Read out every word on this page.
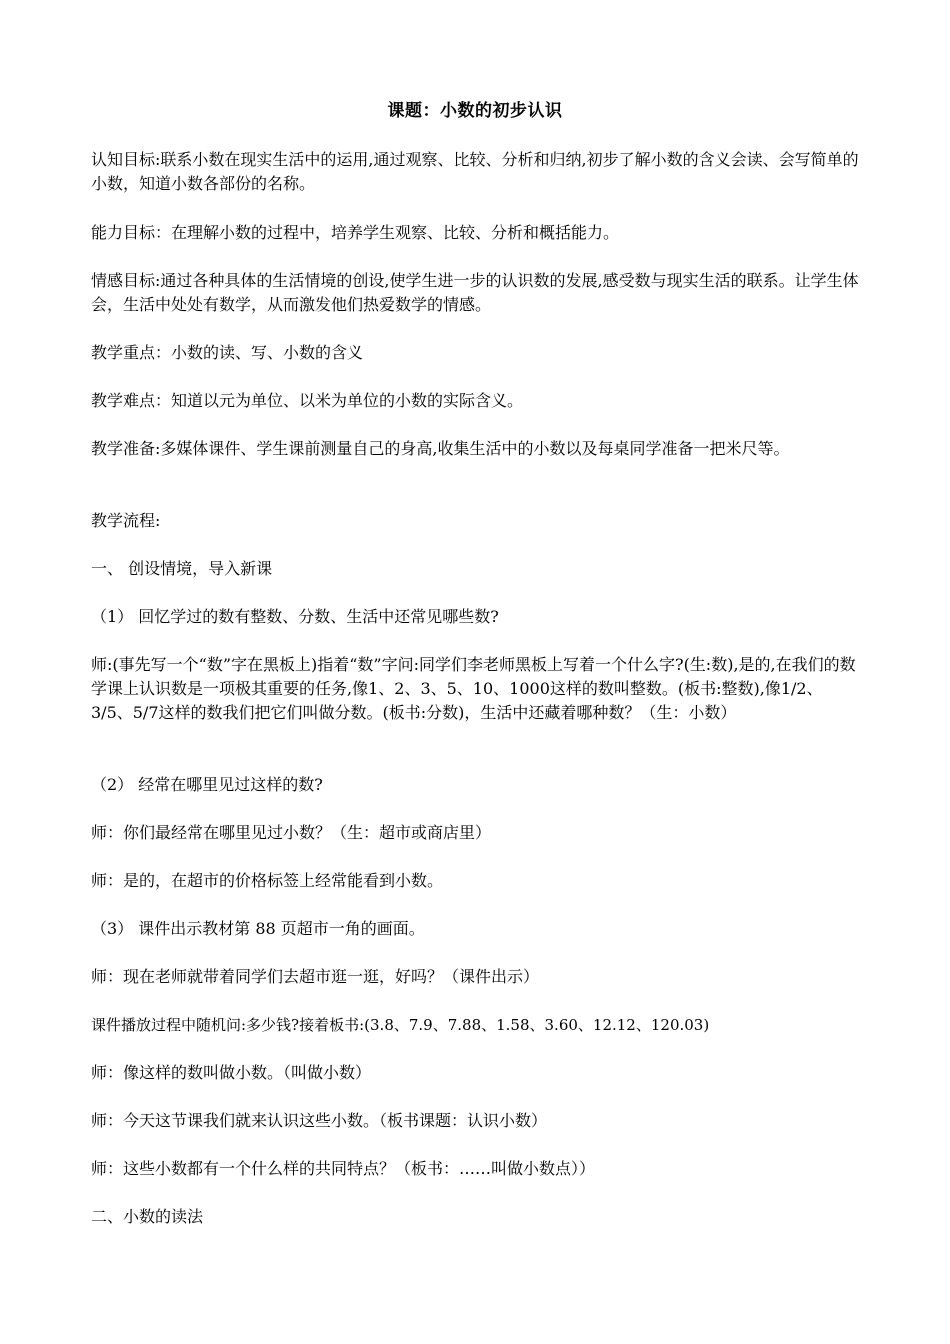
课题：小数的初步认识

认知目标:联系小数在现实生活中的运用,通过观察、比较、分析和归纳,初步了解小数的含义会读、会写简单的小数，知道小数各部份的名称。

能力目标：在理解小数的过程中，培养学生观察、比较、分析和概括能力。

情感目标:通过各种具体的生活情境的创设,使学生进一步的认识数的发展,感受数与现实生活的联系。让学生体会，生活中处处有数学，从而激发他们热爱数学的情感。

教学重点：小数的读、写、小数的含义

教学难点：知道以元为单位、以米为单位的小数的实际含义。

教学准备:多媒体课件、学生课前测量自己的身高,收集生活中的小数以及每桌同学准备一把米尺等。

教学流程:

一、 创设情境，导入新课

（1） 回忆学过的数有整数、分数、生活中还常见哪些数?

师:(事先写一个“数”字在黑板上)指着“数”字问:同学们李老师黑板上写着一个什么字?(生:数),是的,在我们的数学课上认识数是一项极其重要的任务,像1、2、3、5、10、1000这样的数叫整数。(板书:整数),像1/2、3/5、5/7这样的数我们把它们叫做分数。(板书:分数)，生活中还藏着哪种数？（生：小数）

（2） 经常在哪里见过这样的数?

师：你们最经常在哪里见过小数？（生：超市或商店里）

师：是的，在超市的价格标签上经常能看到小数。

（3） 课件出示教材第 88 页超市一角的画面。

师：现在老师就带着同学们去超市逛一逛，好吗？（课件出示）

课件播放过程中随机问:多少钱?接着板书:(3.8、7.9、7.88、1.58、3.60、12.12、120.03)

师：像这样的数叫做小数。（叫做小数）

师：今天这节课我们就来认识这些小数。（板书课题：认识小数）

师：这些小数都有一个什么样的共同特点？（板书：……叫做小数点））

二、小数的读法
